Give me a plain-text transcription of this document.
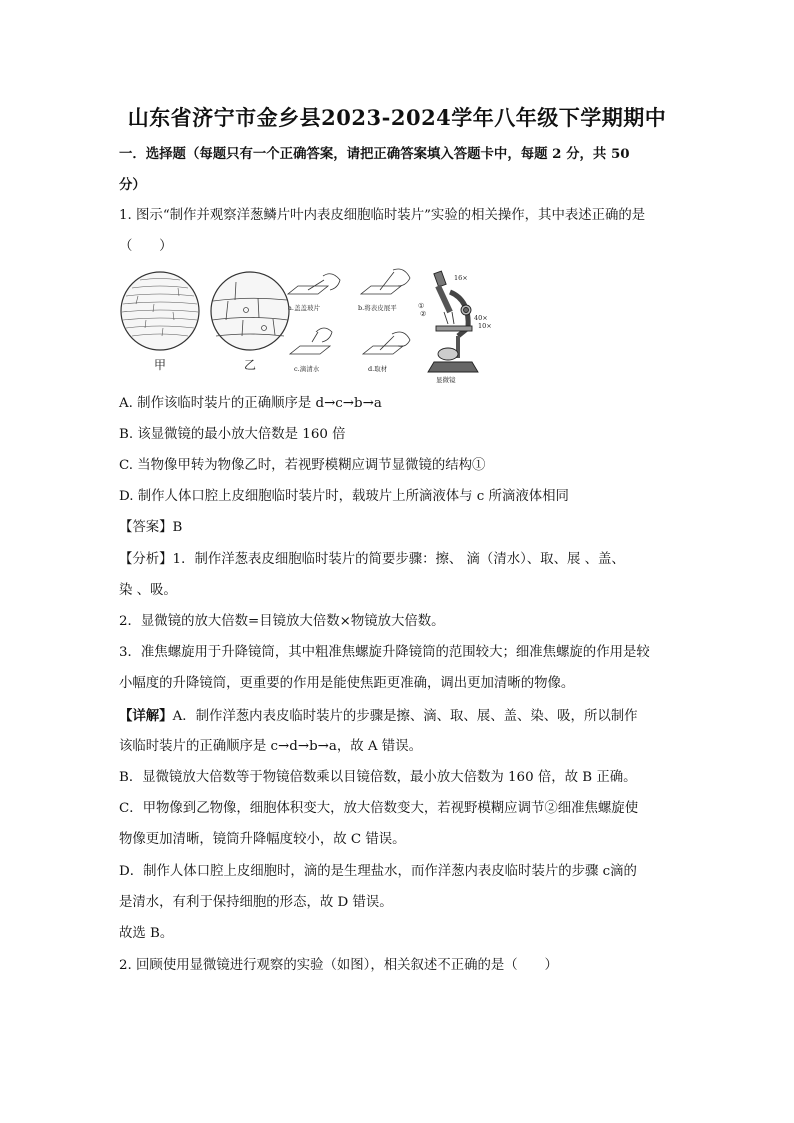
山东省济宁市金乡县2023-2024学年八年级下学期期中
一．选择题（每题只有一个正确答案，请把正确答案填入答题卡中，每题 2 分，共 50
分）
1. 图示“制作并观察洋葱鳞片叶内表皮细胞临时装片”实验的相关操作，其中表述正确的是
（　　）
甲	乙
a.盖盖玻片	b.将表皮展平
c.滴清水	d.取材
16×
①
②	40×
10×
显微镜
A. 制作该临时装片的正确顺序是 d→c→b→a
B. 该显微镜的最小放大倍数是 160 倍
C. 当物像甲转为物像乙时，若视野模糊应调节显微镜的结构①
D. 制作人体口腔上皮细胞临时装片时，载玻片上所滴液体与 c 所滴液体相同
【答案】B
【分析】1．制作洋葱表皮细胞临时装片的简要步骤：擦、 滴（清水）、取、展 、盖、
染 、吸。
2．显微镜的放大倍数=目镜放大倍数×物镜放大倍数。
3．准焦螺旋用于升降镜筒，其中粗准焦螺旋升降镜筒的范围较大；细准焦螺旋的作用是较
小幅度的升降镜筒，更重要的作用是能使焦距更准确，调出更加清晰的物像。
【详解】A．制作洋葱内表皮临时装片的步骤是擦、滴、取、展、盖、染、吸，所以制作
该临时装片的正确顺序是 c→d→b→a，故 A 错误。
B．显微镜放大倍数等于物镜倍数乘以目镜倍数，最小放大倍数为 160 倍，故 B 正确。
C．甲物像到乙物像，细胞体积变大，放大倍数变大，若视野模糊应调节②细准焦螺旋使
物像更加清晰，镜筒升降幅度较小，故 C 错误。
D．制作人体口腔上皮细胞时，滴的是生理盐水，而作洋葱内表皮临时装片的步骤 c滴的
是清水，有利于保持细胞的形态，故 D 错误。
故选 B。
2. 回顾使用显微镜进行观察的实验（如图），相关叙述不正确的是（　　）
